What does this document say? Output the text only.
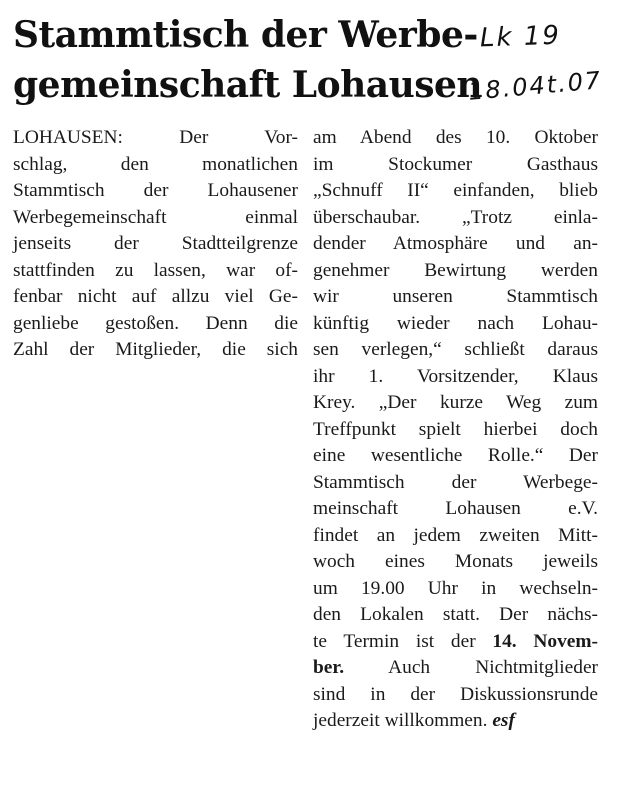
Stammtisch der Werbe-
gemeinschaft Lohausen
Lk 19
18.04t.07
LOHAUSEN: Der Vor-
schlag, den monatlichen
Stammtisch der Lohausener
Werbegemeinschaft einmal
jenseits der Stadtteilgrenze
stattfinden zu lassen, war of-
fenbar nicht auf allzu viel Ge-
genliebe gestoßen. Denn die
Zahl der Mitglieder, die sich
am Abend des 10. Oktober
im Stockumer Gasthaus
„Schnuff II“ einfanden, blieb
überschaubar. „Trotz einla-
dender Atmosphäre und an-
genehmer Bewirtung werden
wir unseren Stammtisch
künftig wieder nach Lohau-
sen verlegen,“ schließt daraus
ihr 1. Vorsitzender, Klaus
Krey. „Der kurze Weg zum
Treffpunkt spielt hierbei doch
eine wesentliche Rolle.“ Der
Stammtisch der Werbege-
meinschaft Lohausen e.V.
findet an jedem zweiten Mitt-
woch eines Monats jeweils
um 19.00 Uhr in wechseln-
den Lokalen statt. Der nächs-
te Termin ist der 14. Novem-
ber. Auch Nichtmitglieder
sind in der Diskussionsrunde
jederzeit willkommen. esf
